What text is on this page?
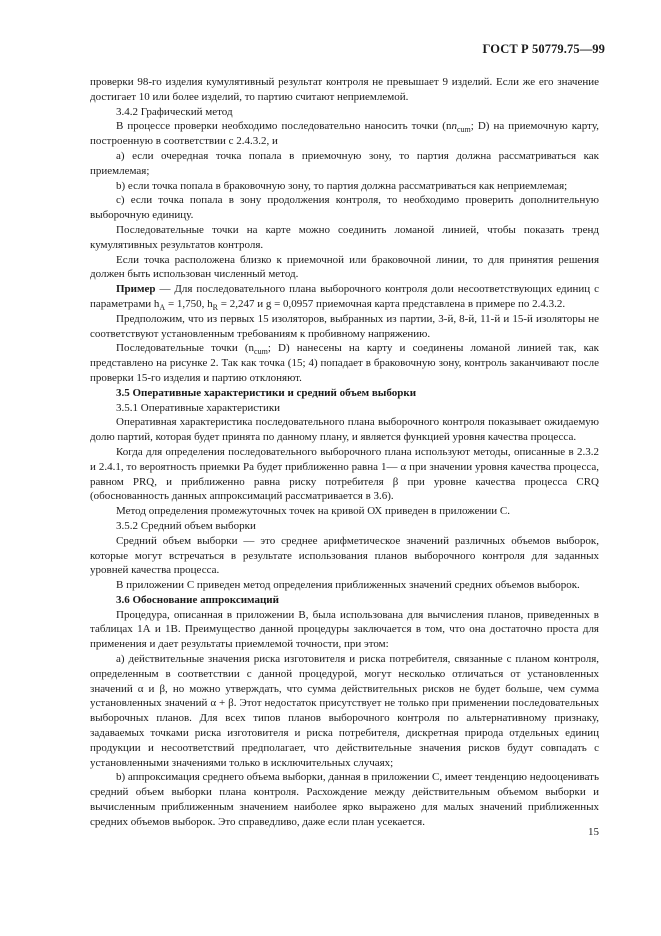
ГОСТ Р 50779.75—99

проверки 98-го изделия кумулятивный результат контроля не превышает 9 изделий. Если же его значение достигает 10 или более изделий, то партию считают неприемлемой.

3.4.2 Графический метод

В процессе проверки необходимо последовательно наносить точки ($nn_{cum}$; D) на приемочную карту, построенную в соответствии с 2.4.3.2, и

а) если очередная точка попала в приемочную зону, то партия должна рассматриваться как приемлемая;

b) если точка попала в браковочную зону, то партия должна рассматриваться как неприемлемая;

с) если точка попала в зону продолжения контроля, то необходимо проверить дополнительную выборочную единицу.

Последовательные точки на карте можно соединить ломаной линией, чтобы показать тренд кумулятивных результатов контроля.

Если точка расположена близко к приемочной или браковочной линии, то для принятия решения должен быть использован численный метод.

Пример — Для последовательного плана выборочного контроля доли несоответствующих единиц с параметрами $h_A = 1,750$, $h_R = 2,247$ и g = 0,0957 приемочная карта представлена в примере по 2.4.3.2.

Предположим, что из первых 15 изоляторов, выбранных из партии, 3-й, 8-й, 11-й и 15-й изоляторы не соответствуют установленным требованиям к пробивному напряжению.

Последовательные точки ($n_{cum}$; D) нанесены на карту и соединены ломаной линией так, как представлено на рисунке 2. Так как точка (15; 4) попадает в браковочную зону, контроль заканчивают после проверки 15-го изделия и партию отклоняют.

3.5 Оперативные характеристики и средний объем выборки

3.5.1 Оперативные характеристики

Оперативная характеристика последовательного плана выборочного контроля показывает ожидаемую долю партий, которая будет принята по данному плану, и является функцией уровня качества процесса.

Когда для определения последовательного выборочного плана используют методы, описанные в 2.3.2 и 2.4.1, то вероятность приемки Pa будет приближенно равна 1— α при значении уровня качества процесса, равном PRQ, и приближенно равна риску потребителя β при уровне качества процесса CRQ (обоснованность данных аппроксимаций рассматривается в 3.6).

Метод определения промежуточных точек на кривой ОХ приведен в приложении С.

3.5.2 Средний объем выборки

Средний объем выборки — это среднее арифметическое значений различных объемов выборок, которые могут встречаться в результате использования планов выборочного контроля для заданных уровней качества процесса.

В приложении С приведен метод определения приближенных значений средних объемов выборок.

3.6 Обоснование аппроксимаций

Процедура, описанная в приложении В, была использована для вычисления планов, приведенных в таблицах 1А и 1В. Преимущество данной процедуры заключается в том, что она достаточно проста для применения и дает результаты приемлемой точности, при этом:

а) действительные значения риска изготовителя и риска потребителя, связанные с планом контроля, определенным в соответствии с данной процедурой, могут несколько отличаться от установленных значений α и β, но можно утверждать, что сумма действительных рисков не будет больше, чем сумма установленных значений α + β. Этот недостаток присутствует не только при применении последовательных выборочных планов. Для всех типов планов выборочного контроля по альтернативному признаку, задаваемых точками риска изготовителя и риска потребителя, дискретная природа отдельных единиц продукции и несоответствий предполагает, что действительные значения рисков будут совпадать с установленными значениями только в исключительных случаях;

b) аппроксимация среднего объема выборки, данная в приложении С, имеет тенденцию недооценивать средний объем выборки плана контроля. Расхождение между действительным объемом выборки и вычисленным приближенным значением наиболее ярко выражено для малых значений приближенных средних объемов выборок. Это справедливо, даже если план усекается.

15
